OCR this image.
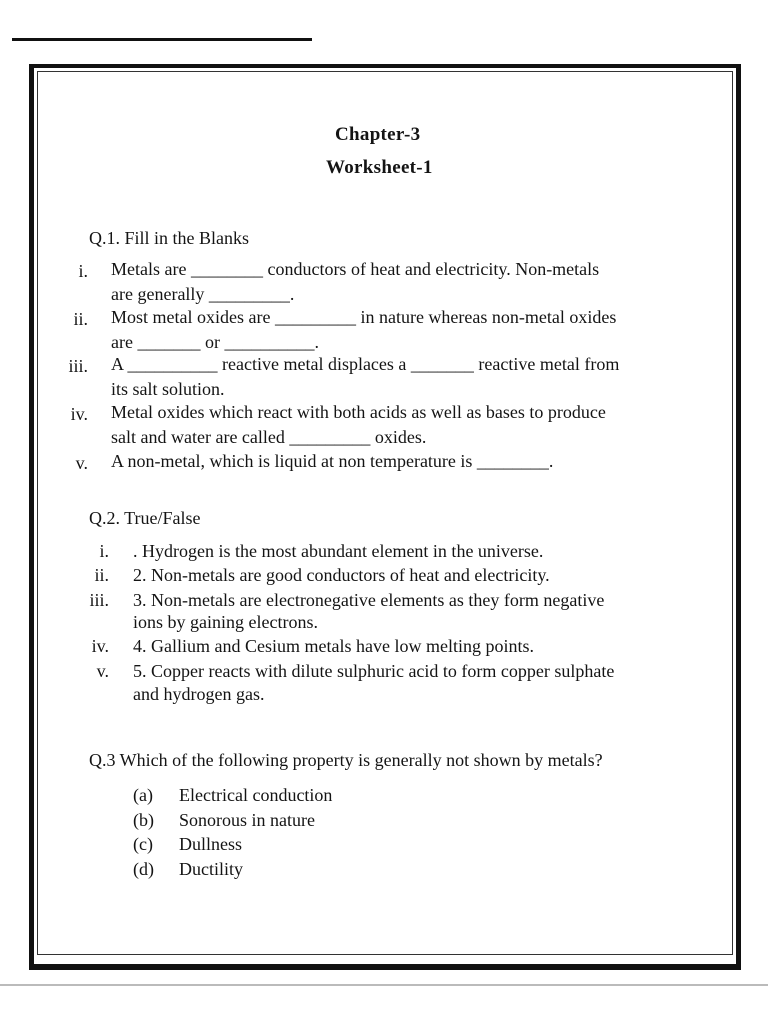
Chapter-3
Worksheet-1
Q.1. Fill in the Blanks
i. Metals are ________ conductors of heat and electricity. Non-metals
are generally _________.
ii. Most metal oxides are _________ in nature whereas non-metal oxides
are _______ or __________.
iii. A __________ reactive metal displaces a _______ reactive metal from
its salt solution.
iv. Metal oxides which react with both acids as well as bases to produce
salt and water are called _________ oxides.
v. A non-metal, which is liquid at non temperature is ________.
Q.2. True/False
i. . Hydrogen is the most abundant element in the universe.
ii. 2. Non-metals are good conductors of heat and electricity.
iii. 3. Non-metals are electronegative elements as they form negative
ions by gaining electrons.
iv. 4. Gallium and Cesium metals have low melting points.
v. 5. Copper reacts with dilute sulphuric acid to form copper sulphate
and hydrogen gas.
Q.3 Which of the following property is generally not shown by metals?
(a) Electrical conduction
(b) Sonorous in nature
(c) Dullness
(d) Ductility
